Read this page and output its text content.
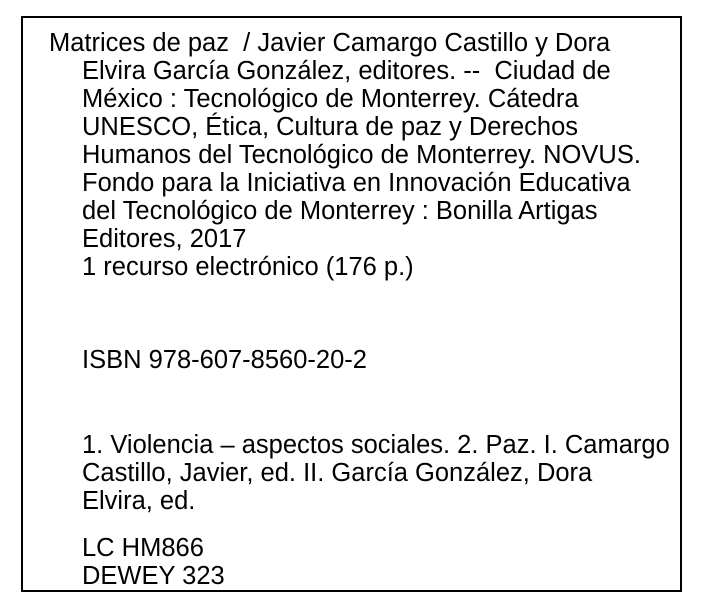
Matrices de paz  / Javier Camargo Castillo y Dora
Elvira García González, editores. --  Ciudad de
México : Tecnológico de Monterrey. Cátedra
UNESCO, Ética, Cultura de paz y Derechos
Humanos del Tecnológico de Monterrey. NOVUS.
Fondo para la Iniciativa en Innovación Educativa
del Tecnológico de Monterrey : Bonilla Artigas
Editores, 2017
1 recurso electrónico (176 p.)
ISBN 978-607-8560-20-2
1. Violencia – aspectos sociales. 2. Paz. I. Camargo
Castillo, Javier, ed. II. García González, Dora
Elvira, ed.
LC HM866
DEWEY 323
